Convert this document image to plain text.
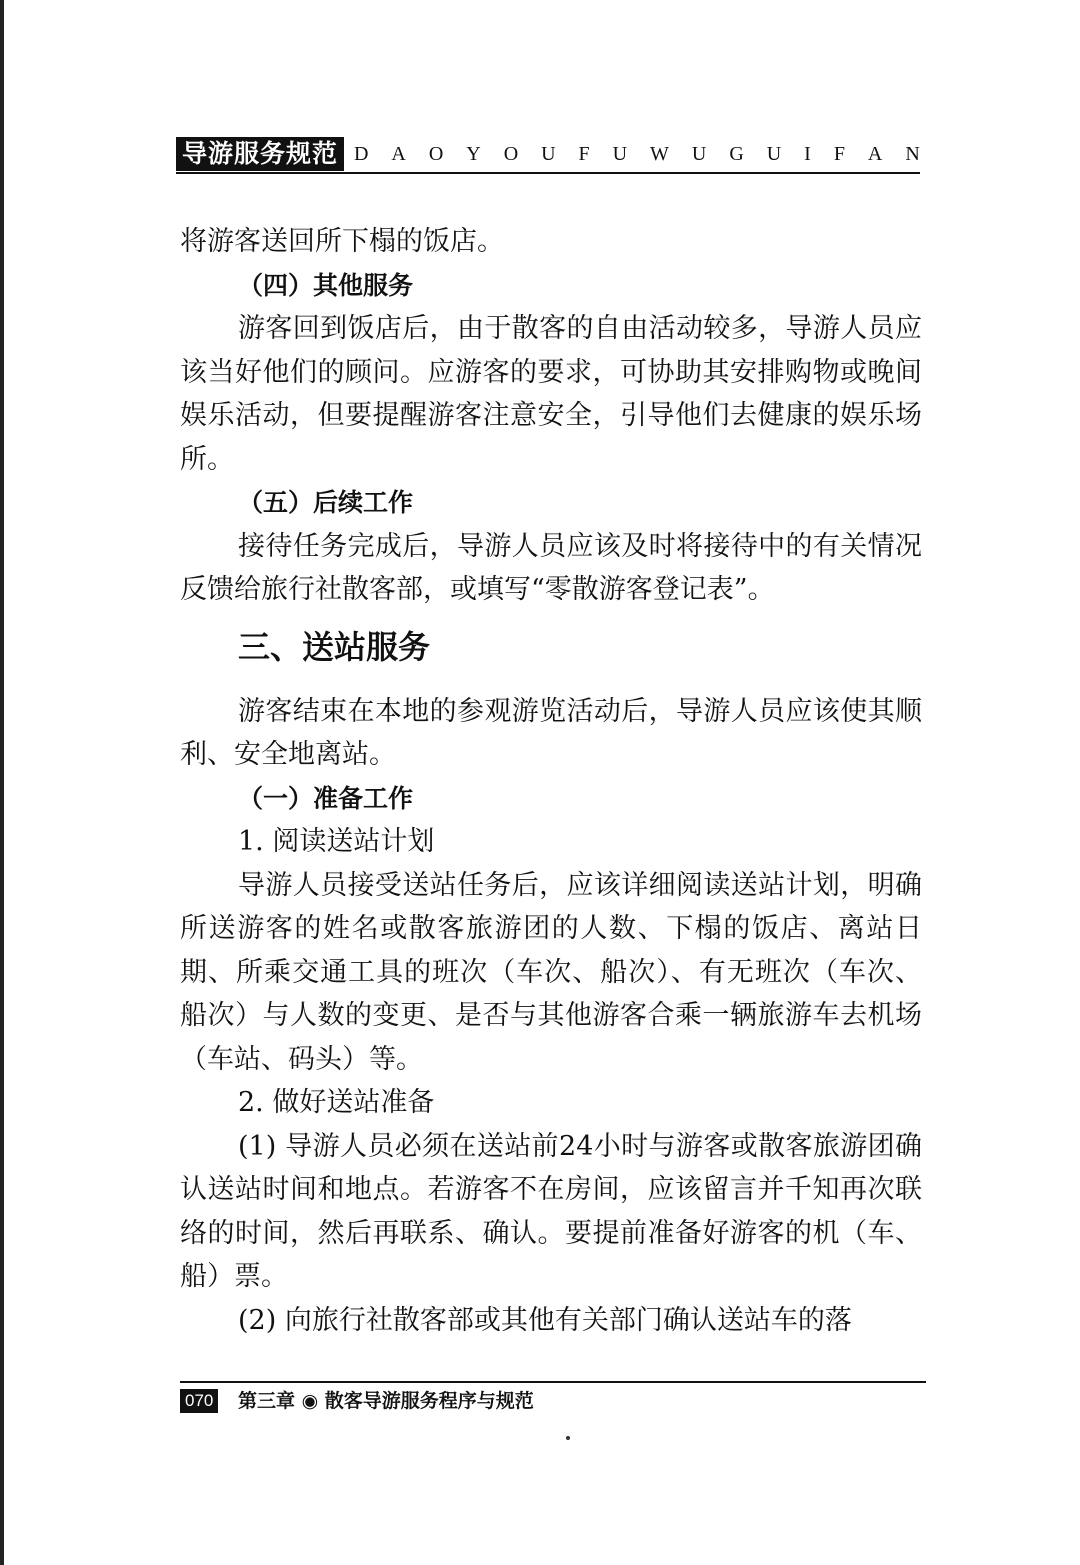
导游服务规范 D A O Y O U F U W U G U I F A N

将游客送回所下榻的饭店。

（四）其他服务

游客回到饭店后，由于散客的自由活动较多，导游人员应该当好他们的顾问。应游客的要求，可协助其安排购物或晚间娱乐活动，但要提醒游客注意安全，引导他们去健康的娱乐场所。

（五）后续工作

接待任务完成后，导游人员应该及时将接待中的有关情况反馈给旅行社散客部，或填写“零散游客登记表”。

三、送站服务

游客结束在本地的参观游览活动后，导游人员应该使其顺利、安全地离站。

（一）准备工作

1. 阅读送站计划

导游人员接受送站任务后，应该详细阅读送站计划，明确所送游客的姓名或散客旅游团的人数、下榻的饭店、离站日期、所乘交通工具的班次（车次、船次）、有无班次（车次、船次）与人数的变更、是否与其他游客合乘一辆旅游车去机场（车站、码头）等。

2. 做好送站准备

(1) 导游人员必须在送站前24小时与游客或散客旅游团确认送站时间和地点。若游客不在房间，应该留言并千知再次联络的时间，然后再联系、确认。要提前准备好游客的机（车、船）票。

(2) 向旅行社散客部或其他有关部门确认送站车的落

070 第三章 ◉ 散客导游服务程序与规范
